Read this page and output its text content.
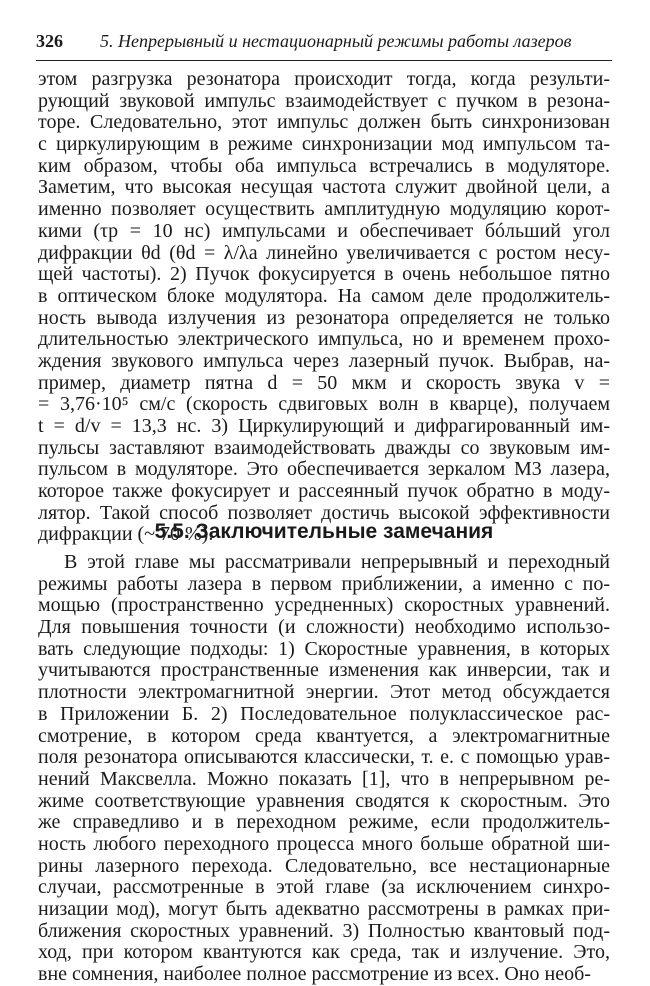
326 5. Непрерывный и нестационарный режимы работы лазеров
этом разгрузка резонатора происходит тогда, когда результи-
рующий звуковой импульс взаимодействует с пучком в резона-
торе. Следовательно, этот импульс должен быть синхронизован
с циркулирующим в режиме синхронизации мод импульсом та-
ким образом, чтобы оба импульса встречались в модуляторе.
Заметим, что высокая несущая частота служит двойной цели, а
именно позволяет осуществить амплитудную модуляцию корот-
кими (τp = 10 нс) импульсами и обеспечивает бóльший угол
дифракции θd (θd = λ/λa линейно увеличивается с ростом несу-
щей частоты). 2) Пучок фокусируется в очень небольшое пятно
в оптическом блоке модулятора. На самом деле продолжитель-
ность вывода излучения из резонатора определяется не только
длительностью электрического импульса, но и временем прохо-
ждения звукового импульса через лазерный пучок. Выбрав, на-
пример, диаметр пятна d = 50 мкм и скорость звука v =
= 3,76·10⁵ см/с (скорость сдвиговых волн в кварце), получаем
t = d/v = 13,3 нс. 3) Циркулирующий и дифрагированный им-
пульсы заставляют взаимодействовать дважды со звуковым им-
пульсом в модуляторе. Это обеспечивается зеркалом M3 лазера,
которое также фокусирует и рассеянный пучок обратно в моду-
лятор. Такой способ позволяет достичь высокой эффективности
дифракции (~ 70 %).
5.5. Заключительные замечания
В этой главе мы рассматривали непрерывный и переходный
режимы работы лазера в первом приближении, а именно с по-
мощью (пространственно усредненных) скоростных уравнений.
Для повышения точности (и сложности) необходимо использо-
вать следующие подходы: 1) Скоростные уравнения, в которых
учитываются пространственные изменения как инверсии, так и
плотности электромагнитной энергии. Этот метод обсуждается
в Приложении Б. 2) Последовательное полуклассическое рас-
смотрение, в котором среда квантуется, а электромагнитные
поля резонатора описываются классически, т. е. с помощью урав-
нений Максвелла. Можно показать [1], что в непрерывном ре-
жиме соответствующие уравнения сводятся к скоростным. Это
же справедливо и в переходном режиме, если продолжитель-
ность любого переходного процесса много больше обратной ши-
рины лазерного перехода. Следовательно, все нестационарные
случаи, рассмотренные в этой главе (за исключением синхро-
низации мод), могут быть адекватно рассмотрены в рамках при-
ближения скоростных уравнений. 3) Полностью квантовый под-
ход, при котором квантуются как среда, так и излучение. Это,
вне сомнения, наиболее полное рассмотрение из всех. Оно необ-
